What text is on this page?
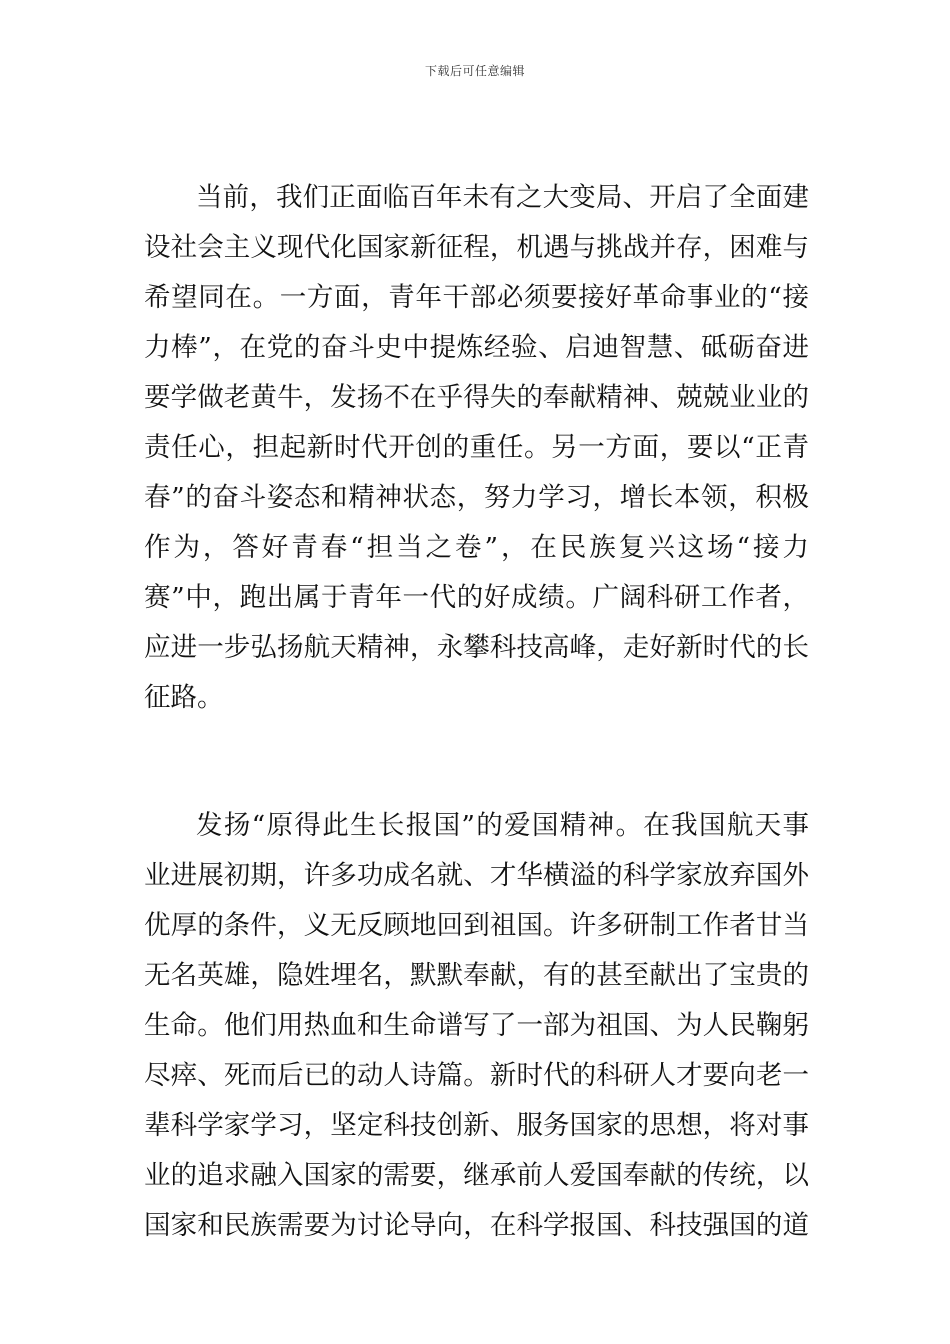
下载后可任意编辑
当前，我们正面临百年未有之大变局、开启了全面建
设社会主义现代化国家新征程，机遇与挑战并存，困难与
希望同在。一方面，青年干部必须要接好革命事业的“接
力棒”，在党的奋斗史中提炼经验、启迪智慧、砥砺奋进
要学做老黄牛，发扬不在乎得失的奉献精神、兢兢业业的
责任心，担起新时代开创的重任。另一方面，要以“正青
春”的奋斗姿态和精神状态，努力学习，增长本领，积极
作为，答好青春“担当之卷”，在民族复兴这场“接力
赛”中，跑出属于青年一代的好成绩。广阔科研工作者，
应进一步弘扬航天精神，永攀科技高峰，走好新时代的长
征路。
发扬“原得此生长报国”的爱国精神。在我国航天事
业进展初期，许多功成名就、才华横溢的科学家放弃国外
优厚的条件，义无反顾地回到祖国。许多研制工作者甘当
无名英雄，隐姓埋名，默默奉献，有的甚至献出了宝贵的
生命。他们用热血和生命谱写了一部为祖国、为人民鞠躬
尽瘁、死而后已的动人诗篇。新时代的科研人才要向老一
辈科学家学习，坚定科技创新、服务国家的思想，将对事
业的追求融入国家的需要，继承前人爱国奉献的传统，以
国家和民族需要为讨论导向，在科学报国、科技强国的道
